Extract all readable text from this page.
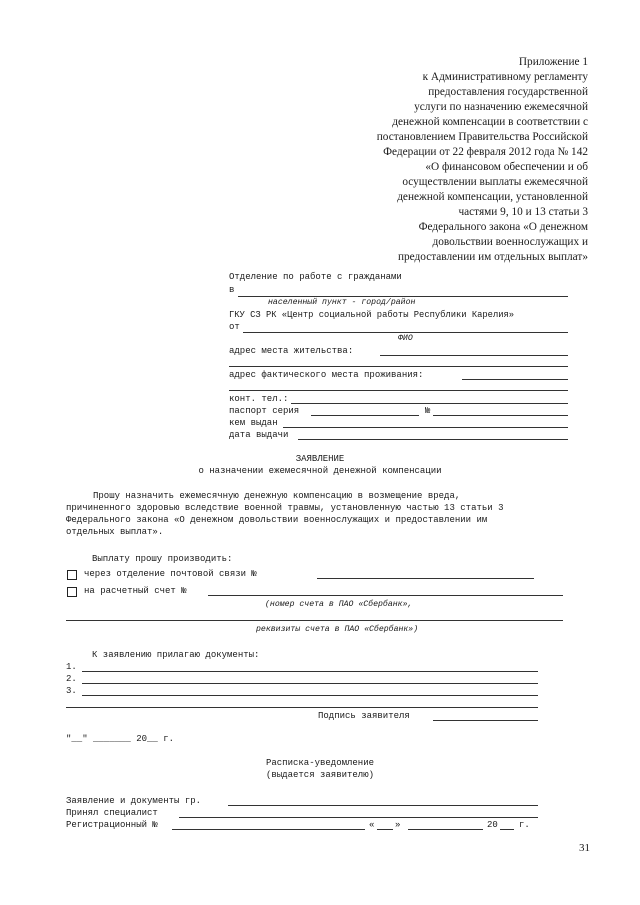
Приложение 1
к Административному регламенту
предоставления государственной
услуги по назначению ежемесячной
денежной компенсации в соответствии с
постановлением Правительства Российской
Федерации от 22 февраля 2012 года № 142
«О финансовом обеспечении и об
осуществлении выплаты ежемесячной
денежной компенсации, установленной
частями 9, 10 и 13 статьи 3
Федерального закона «О денежном
довольствии военнослужащих и
предоставлении им отдельных выплат»
Отделение по работе с гражданами
в
населенный пункт - город/район
ГКУ СЗ РК «Центр социальной работы Республики Карелия»
от
ФИО
адрес места жительства:
адрес фактического места проживания:
конт. тел.:
паспорт серия	№
кем выдан
дата выдачи
ЗАЯВЛЕНИЕ
о назначении ежемесячной денежной компенсации
Прошу назначить ежемесячную денежную компенсацию в возмещение вреда,
причиненного здоровью вследствие военной травмы, установленную частью 13 статьи 3
Федерального закона «О денежном довольствии военнослужащих и предоставлении им
отдельных выплат».
Выплату прошу производить:
через отделение почтовой связи №
на расчетный счет №
(номер счета в ПАО «Сбербанк»,
реквизиты счета в ПАО «Сбербанк»)
К заявлению прилагаю документы:
1.
2.
3.
Подпись заявителя
"__" _______ 20__ г.
Расписка-уведомление
(выдается заявителю)
Заявление и документы гр.
Принял специалист
Регистрационный №	« »	20 г.
31
